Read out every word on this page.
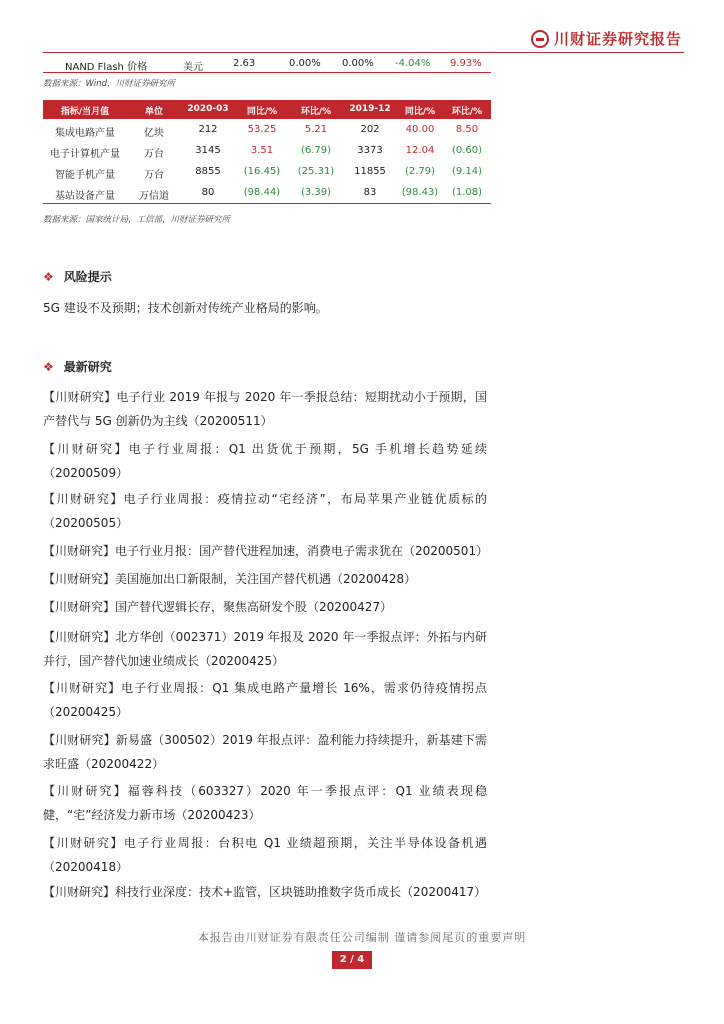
川财证券研究报告
NAND Flash 价格	美元	2.63	0.00% 0.00% -4.04% 9.93%
数据来源：Wind，川财证券研究所
指标/当月值	单位	2020-03	同比/%	环比/%	2019-12	同比/%	环比/%
集成电路产量	亿块	212	53.25	5.21	202	40.00	8.50
电子计算机产量	万台	3145	3.51	(6.79)	3373	12.04	(0.60)
智能手机产量	万台	8855	(16.45)	(25.31)	11855	(2.79)	(9.14)
基站设备产量	万信道	80	(98.44)	(3.39)	83	(98.43)	(1.08)
数据来源：国家统计局，工信部，川财证券研究所
❖ 风险提示
5G 建设不及预期；技术创新对传统产业格局的影响。
❖ 最新研究
【川财研究】电子行业 2019 年报与 2020 年一季报总结：短期扰动小于预期，国产替代与 5G 创新仍为主线（20200511）
【川财研究】电子行业周报：Q1 出货优于预期，5G 手机增长趋势延续（20200509）
【川财研究】电子行业周报：疫情拉动“宅经济”，布局苹果产业链优质标的（20200505）
【川财研究】电子行业月报：国产替代进程加速，消费电子需求犹在（20200501）
【川财研究】美国施加出口新限制，关注国产替代机遇（20200428）
【川财研究】国产替代逻辑长存，聚焦高研发个股（20200427）
【川财研究】北方华创（002371）2019 年报及 2020 年一季报点评：外拓与内研并行，国产替代加速业绩成长（20200425）
【川财研究】电子行业周报：Q1 集成电路产量增长 16%，需求仍待疫情拐点（20200425）
【川财研究】新易盛（300502）2019 年报点评：盈利能力持续提升，新基建下需求旺盛（20200422）
【川财研究】福蓉科技（603327）2020 年一季报点评：Q1 业绩表现稳健，“宅”经济发力新市场（20200423）
【川财研究】电子行业周报：台积电 Q1 业绩超预期，关注半导体设备机遇（20200418）
【川财研究】科技行业深度：技术+监管，区块链助推数字货币成长（20200417）
本报告由川财证券有限责任公司编制 谨请参阅尾页的重要声明
2 / 4
